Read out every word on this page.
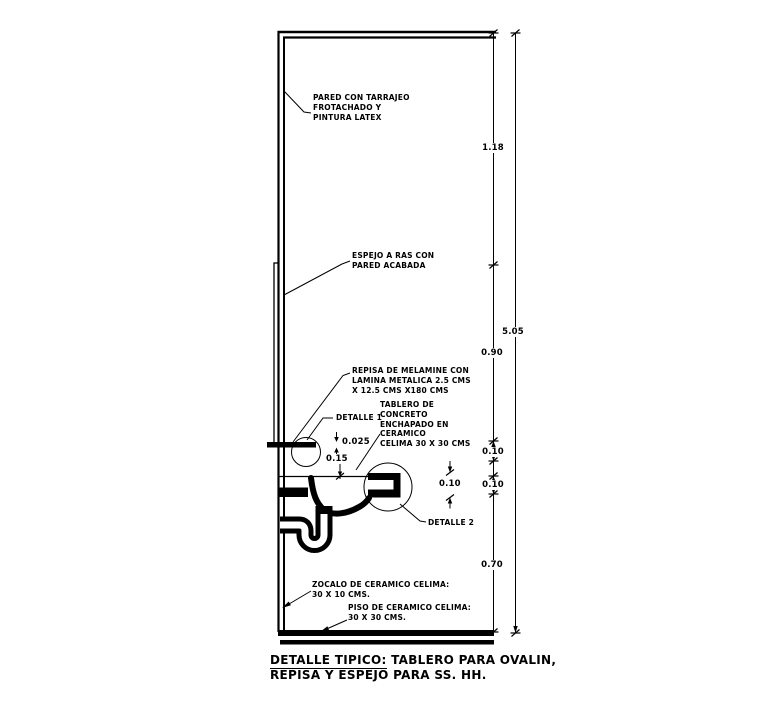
PARED CON TARRAJEO
FROTACHADO Y
PINTURA LATEX
ESPEJO A RAS CON
PARED ACABADA
REPISA DE MELAMINE CON
LAMINA METALICA 2.5 CMS
X 12.5 CMS X180 CMS
DETALLE 1
TABLERO DE
CONCRETO
ENCHAPADO EN
CERAMICO
CELIMA 30 X 30 CMS
DETALLE 2
ZOCALO DE CERAMICO CELIMA:
30 X 10 CMS.
PISO DE CERAMICO CELIMA:
30 X 30 CMS.
1.18
0.90
0.10
0.10
0.70
5.05
0.025
0.15
0.10
DETALLE TIPICO: TABLERO PARA OVALIN,
REPISA Y ESPEJO PARA SS. HH.
